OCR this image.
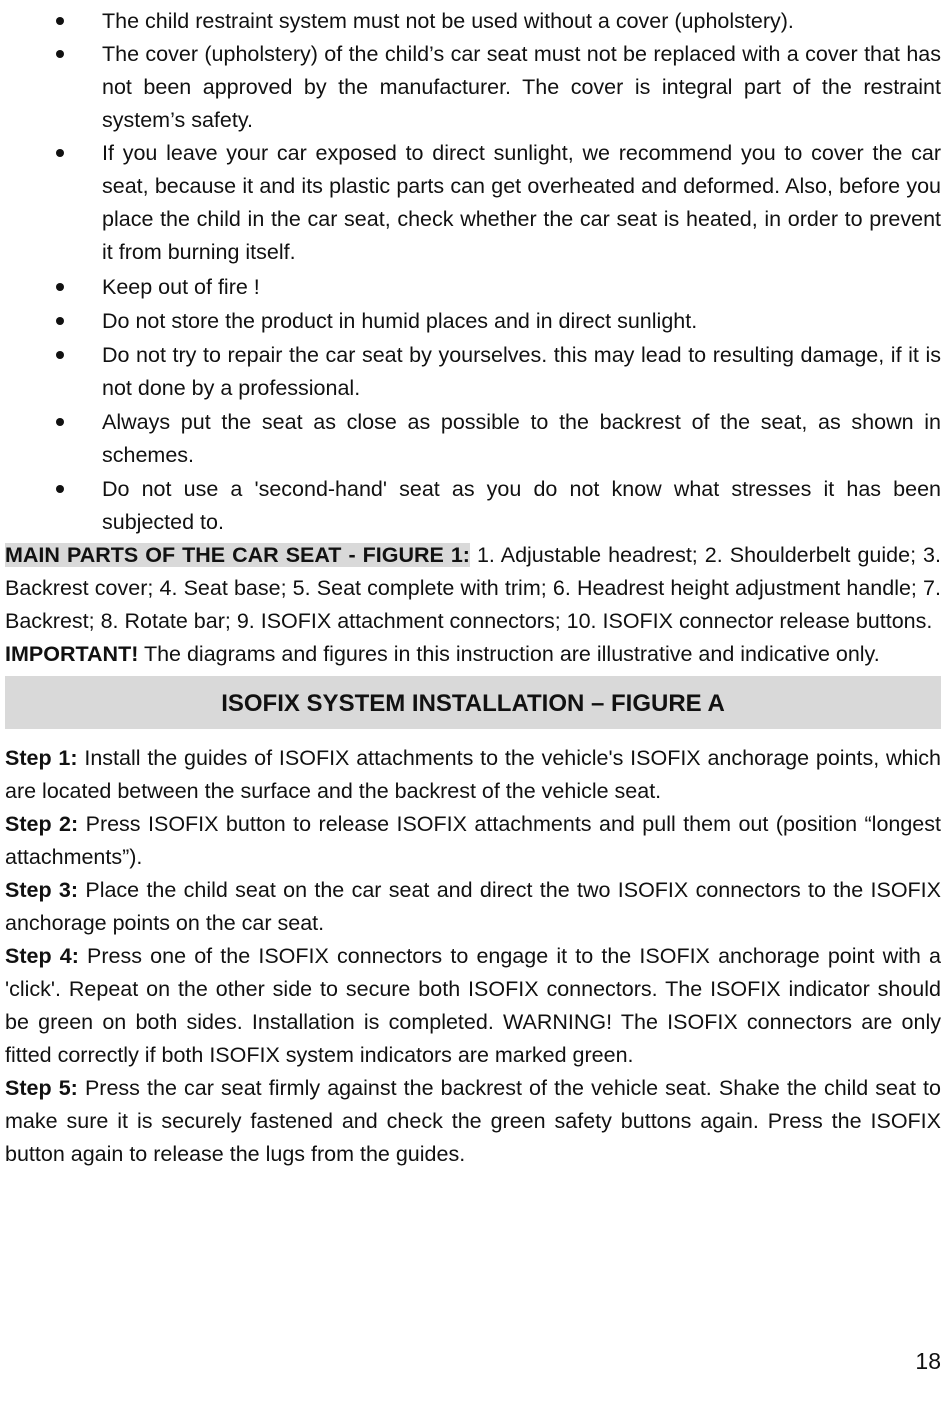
The child restraint system must not be used without a cover (upholstery).
The cover (upholstery) of the child’s car seat must not be replaced with a cover that has not been approved by the manufacturer. The cover is integral part of the restraint system’s safety.
If you leave your car exposed to direct sunlight, we recommend you to cover the car seat, because it and its plastic parts can get overheated and deformed. Also, before you place the child in the car seat, check whether the car seat is heated, in order to prevent it from burning itself.
Keep out of fire !
Do not store the product in humid places and in direct sunlight.
Do not try to repair the car seat by yourselves. this may lead to resulting damage, if it is not done by a professional.
Always put the seat as close as possible to the backrest of the seat, as shown in schemes.
Do not use a 'second-hand' seat as you do not know what stresses it has been subjected to.

MAIN PARTS OF THE CAR SEAT - FIGURE 1: 1. Adjustable headrest; 2. Shoulderbelt guide; 3. Backrest cover; 4. Seat base; 5. Seat complete with trim; 6. Headrest height adjustment handle; 7. Backrest; 8. Rotate bar; 9. ISOFIX attachment connectors; 10. ISOFIX connector release buttons.

IMPORTANT! The diagrams and figures in this instruction are illustrative and indicative only.

ISOFIX SYSTEM INSTALLATION – FIGURE A

Step 1: Install the guides of ISOFIX attachments to the vehicle's ISOFIX anchorage points, which are located between the surface and the backrest of the vehicle seat.

Step 2: Press ISOFIX button to release ISOFIX attachments and pull them out (position “longest attachments”).

Step 3: Place the child seat on the car seat and direct the two ISOFIX connectors to the ISOFIX anchorage points on the car seat.

Step 4: Press one of the ISOFIX connectors to engage it to the ISOFIX anchorage point with a 'click'. Repeat on the other side to secure both ISOFIX connectors. The ISOFIX indicator should be green on both sides. Installation is completed. WARNING! The ISOFIX connectors are only fitted correctly if both ISOFIX system indicators are marked green.

Step 5: Press the car seat firmly against the backrest of the vehicle seat. Shake the child seat to make sure it is securely fastened and check the green safety buttons again. Press the ISOFIX button again to release the lugs from the guides.

18
